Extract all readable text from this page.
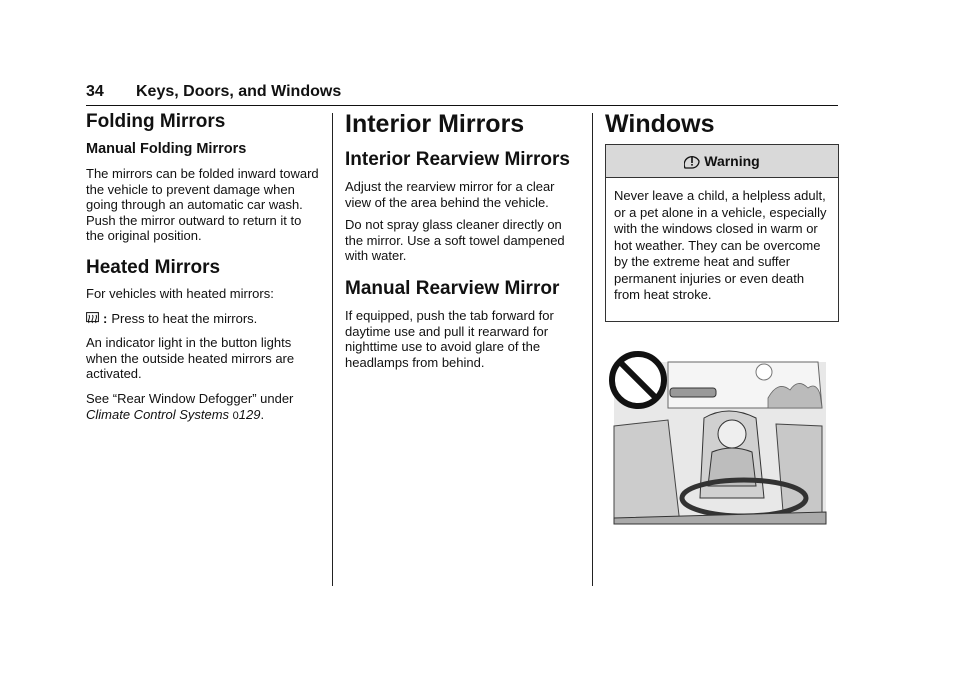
34 Keys, Doors, and Windows
Folding Mirrors
Manual Folding Mirrors

The mirrors can be folded inward toward the vehicle to prevent damage when going through an automatic car wash. Push the mirror outward to return it to the original position.

Heated Mirrors

For vehicles with heated mirrors:

: Press to heat the mirrors.

An indicator light in the button lights when the outside heated mirrors are activated.

See “Rear Window Defogger” under
Climate Control Systems 0129.

Interior Mirrors
Interior Rearview Mirrors

Adjust the rearview mirror for a clear view of the area behind the vehicle.

Do not spray glass cleaner directly on the mirror. Use a soft towel dampened with water.

Manual Rearview Mirror

If equipped, push the tab forward for daytime use and pull it rearward for nighttime use to avoid glare of the headlamps from behind.

Windows
Warning

Never leave a child, a helpless adult, or a pet alone in a vehicle, especially with the windows closed in warm or hot weather. They can be overcome by the extreme heat and suffer permanent injuries or even death from heat stroke.
